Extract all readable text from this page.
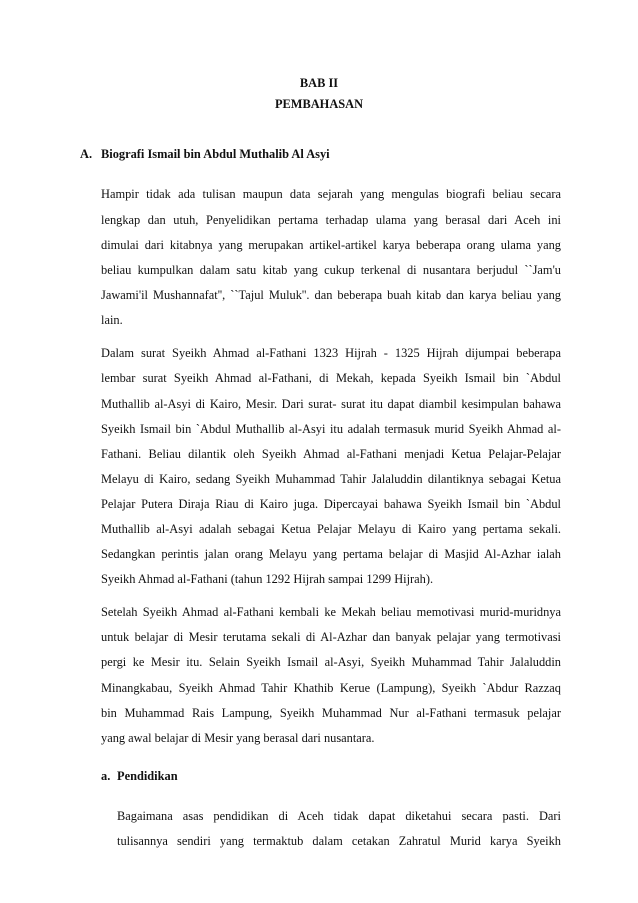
BAB II
PEMBAHASAN
A. Biografi Ismail bin Abdul Muthalib Al Asyi
Hampir tidak ada tulisan maupun data sejarah yang mengulas biografi beliau secara
lengkap dan utuh, Penyelidikan pertama terhadap ulama yang berasal dari Aceh ini
dimulai dari kitabnya yang merupakan artikel-artikel karya beberapa orang ulama yang
beliau kumpulkan dalam satu kitab yang cukup terkenal di nusantara berjudul ``Jam'u
Jawami'il Mushannafat'', ``Tajul Muluk''. dan beberapa buah kitab dan karya beliau yang
lain.
Dalam surat Syeikh Ahmad al-Fathani 1323 Hijrah - 1325 Hijrah dijumpai beberapa
lembar surat Syeikh Ahmad al-Fathani, di Mekah, kepada Syeikh Ismail bin `Abdul
Muthallib al-Asyi di Kairo, Mesir. Dari surat- surat itu dapat diambil kesimpulan bahawa
Syeikh Ismail bin `Abdul Muthallib al-Asyi itu adalah termasuk murid Syeikh Ahmad al-
Fathani. Beliau dilantik oleh Syeikh Ahmad al-Fathani menjadi Ketua Pelajar-Pelajar
Melayu di Kairo, sedang Syeikh Muhammad Tahir Jalaluddin dilantiknya sebagai Ketua
Pelajar Putera Diraja Riau di Kairo juga. Dipercayai bahawa Syeikh Ismail bin `Abdul
Muthallib al-Asyi adalah sebagai Ketua Pelajar Melayu di Kairo yang pertama sekali.
Sedangkan perintis jalan orang Melayu yang pertama belajar di Masjid Al-Azhar ialah
Syeikh Ahmad al-Fathani (tahun 1292 Hijrah sampai 1299 Hijrah).
Setelah Syeikh Ahmad al-Fathani kembali ke Mekah beliau memotivasi murid-muridnya
untuk belajar di Mesir terutama sekali di Al-Azhar dan banyak pelajar yang termotivasi
pergi ke Mesir itu. Selain Syeikh Ismail al-Asyi, Syeikh Muhammad Tahir Jalaluddin
Minangkabau, Syeikh Ahmad Tahir Khathib Kerue (Lampung), Syeikh `Abdur Razzaq
bin Muhammad Rais Lampung, Syeikh Muhammad Nur al-Fathani termasuk pelajar
yang awal belajar di Mesir yang berasal dari nusantara.
a. Pendidikan
Bagaimana asas pendidikan di Aceh tidak dapat diketahui secara pasti. Dari
tulisannya sendiri yang termaktub dalam cetakan Zahratul Murid karya Syeikh
